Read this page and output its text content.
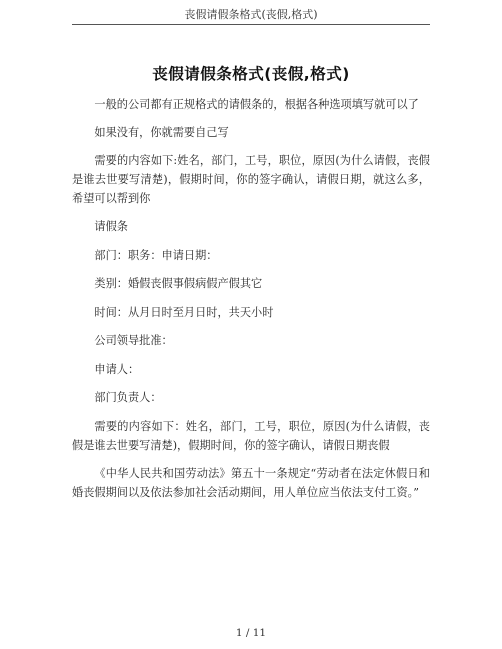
丧假请假条格式(丧假,格式)
丧假请假条格式(丧假,格式)

一般的公司都有正规格式的请假条的，根据各种选项填写就可以了

如果没有，你就需要自己写

需要的内容如下:姓名，部门，工号，职位，原因(为什么请假，丧假是谁去世要写清楚)，假期时间，你的签字确认，请假日期，就这么多，希望可以帮到你

请假条

部门：职务：申请日期：

类别：婚假丧假事假病假产假其它

时间：从月日时至月日时，共天小时

公司领导批准：

申请人：

部门负责人：

需要的内容如下：姓名，部门，工号，职位，原因(为什么请假，丧假是谁去世要写清楚)，假期时间，你的签字确认，请假日期丧假

《中华人民共和国劳动法》第五十一条规定“劳动者在法定休假日和婚丧假期间以及依法参加社会活动期间，用人单位应当依法支付工资。”

1 / 11
